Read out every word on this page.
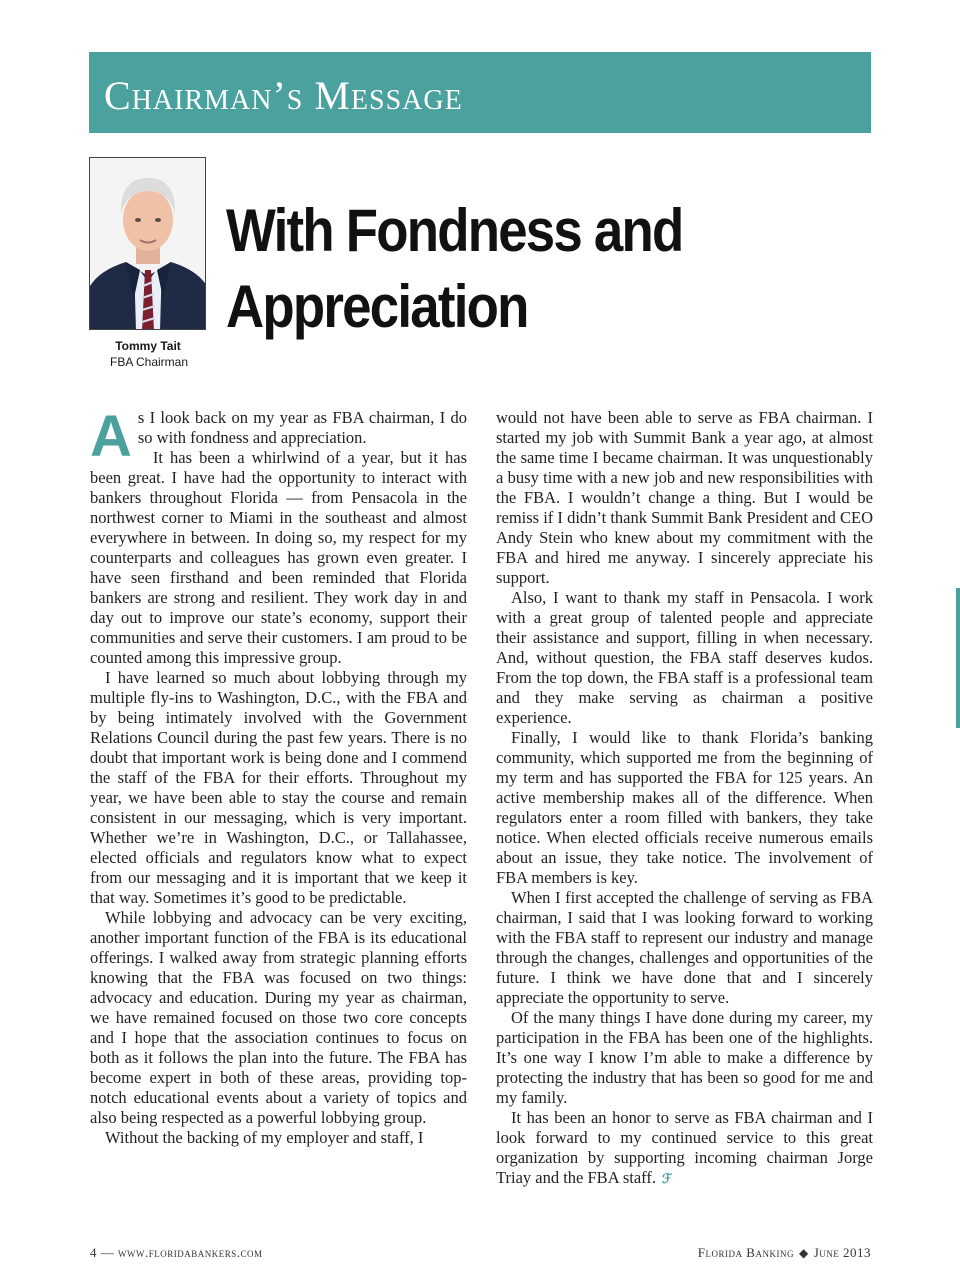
Chairman’s Message
Tommy Tait
FBA Chairman
With Fondness and
Appreciation

As I look back on my year as FBA chairman, I do so with fondness and appreciation.

It has been a whirlwind of a year, but it has been great. I have had the opportunity to interact with bankers throughout Florida — from Pensacola in the northwest corner to Miami in the southeast and almost everywhere in between. In doing so, my respect for my counterparts and colleagues has grown even greater. I have seen firsthand and been reminded that Florida bankers are strong and resilient. They work day in and day out to improve our state’s economy, support their communities and serve their customers. I am proud to be counted among this impressive group.

I have learned so much about lobbying through my multiple fly-ins to Washington, D.C., with the FBA and by being intimately involved with the Government Relations Council during the past few years. There is no doubt that important work is being done and I commend the staff of the FBA for their efforts. Throughout my year, we have been able to stay the course and remain consistent in our messaging, which is very important. Whether we’re in Washington, D.C., or Tallahassee, elected officials and regulators know what to expect from our messaging and it is important that we keep it that way. Sometimes it’s good to be predictable.

While lobbying and advocacy can be very exciting, another important function of the FBA is its educational offerings. I walked away from strategic planning efforts knowing that the FBA was focused on two things: advocacy and education. During my year as chairman, we have remained focused on those two core concepts and I hope that the association continues to focus on both as it follows the plan into the future. The FBA has become expert in both of these areas, providing top-notch educational events about a variety of topics and also being respected as a powerful lobbying group.

Without the backing of my employer and staff, I

would not have been able to serve as FBA chairman. I started my job with Summit Bank a year ago, at almost the same time I became chairman. It was unquestionably a busy time with a new job and new responsibilities with the FBA. I wouldn’t change a thing. But I would be remiss if I didn’t thank Summit Bank President and CEO Andy Stein who knew about my commitment with the FBA and hired me anyway. I sincerely appreciate his support.

Also, I want to thank my staff in Pensacola. I work with a great group of talented people and appreciate their assistance and support, filling in when necessary. And, without question, the FBA staff deserves kudos. From the top down, the FBA staff is a professional team and they make serving as chairman a positive experience.

Finally, I would like to thank Florida’s banking community, which supported me from the beginning of my term and has supported the FBA for 125 years. An active membership makes all of the difference. When regulators enter a room filled with bankers, they take notice. When elected officials receive numerous emails about an issue, they take notice. The involvement of FBA members is key.

When I first accepted the challenge of serving as FBA chairman, I said that I was looking forward to working with the FBA staff to represent our industry and manage through the changes, challenges and opportunities of the future. I think we have done that and I sincerely appreciate the opportunity to serve.

Of the many things I have done during my career, my participation in the FBA has been one of the highlights. It’s one way I know I’m able to make a difference by protecting the industry that has been so good for me and my family.

It has been an honor to serve as FBA chairman and I look forward to my continued service to this great organization by supporting incoming chairman Jorge Triay and the FBA staff. ℱ

4 — www.floridabankers.com	Florida Banking ◆ June 2013
